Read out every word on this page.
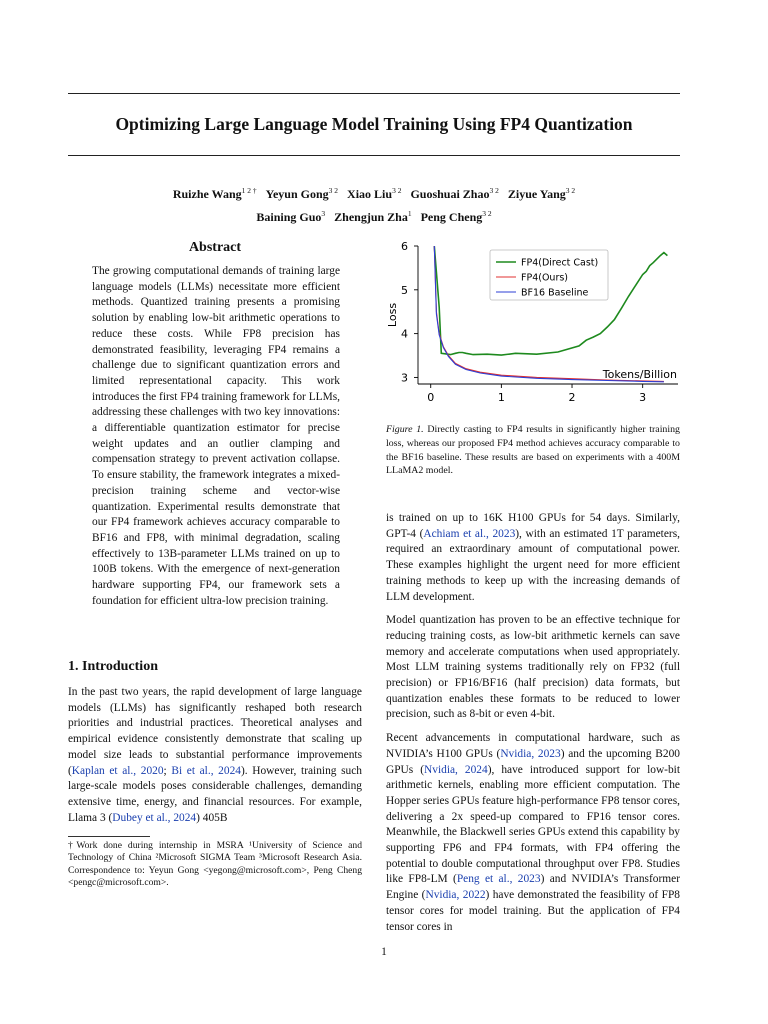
Optimizing Large Language Model Training Using FP4 Quantization
Ruizhe Wang$^{1 2 \dagger}$ Yeyun Gong$^{3 2}$ Xiao Liu$^{3 2}$ Guoshuai Zhao$^{3 2}$ Ziyue Yang$^{3 2}$
Baining Guo$^3$ Zhengjun Zha$^1$ Peng Cheng$^{3 2}$
Abstract

The growing computational demands of training large language models (LLMs) necessitate more efficient methods. Quantized training presents a promising solution by enabling low-bit arithmetic operations to reduce these costs. While FP8 precision has demonstrated feasibility, leveraging FP4 remains a challenge due to significant quantization errors and limited representational capacity. This work introduces the first FP4 training framework for LLMs, addressing these challenges with two key innovations: a differentiable quantization estimator for precise weight updates and an outlier clamping and compensation strategy to prevent activation collapse. To ensure stability, the framework integrates a mixed-precision training scheme and vector-wise quantization. Experimental results demonstrate that our FP4 framework achieves accuracy comparable to BF16 and FP8, with minimal degradation, scaling effectively to 13B-parameter LLMs trained on up to 100B tokens. With the emergence of next-generation hardware supporting FP4, our framework sets a foundation for efficient ultra-low precision training.

1. Introduction

In the past two years, the rapid development of large language models (LLMs) has significantly reshaped both research priorities and industrial practices. Theoretical analyses and empirical evidence consistently demonstrate that scaling up model size leads to substantial performance improvements (Kaplan et al., 2020; Bi et al., 2024). However, training such large-scale models poses considerable challenges, demanding extensive time, energy, and financial resources. For example, Llama 3 (Dubey et al., 2024) 405B

†Work done during internship in MSRA ¹University of Science and Technology of China ²Microsoft SIGMA Team ³Microsoft Research Asia. Correspondence to: Yeyun Gong <yegong@microsoft.com>, Peng Cheng <pengc@microsoft.com>.

3
4
5
6
0	1	2	3
Loss
Tokens/Billion
FP4(Direct Cast)
FP4(Ours)
BF16 Baseline
Figure 1. Directly casting to FP4 results in significantly higher training loss, whereas our proposed FP4 method achieves accuracy comparable to the BF16 baseline. These results are based on experiments with a 400M LLaMA2 model.

is trained on up to 16K H100 GPUs for 54 days. Similarly, GPT-4 (Achiam et al., 2023), with an estimated 1T parameters, required an extraordinary amount of computational power. These examples highlight the urgent need for more efficient training methods to keep up with the increasing demands of LLM development.

Model quantization has proven to be an effective technique for reducing training costs, as low-bit arithmetic kernels can save memory and accelerate computations when used appropriately. Most LLM training systems traditionally rely on FP32 (full precision) or FP16/BF16 (half precision) data formats, but quantization enables these formats to be reduced to lower precision, such as 8-bit or even 4-bit.

Recent advancements in computational hardware, such as NVIDIA’s H100 GPUs (Nvidia, 2023) and the upcoming B200 GPUs (Nvidia, 2024), have introduced support for low-bit arithmetic kernels, enabling more efficient computation. The Hopper series GPUs feature high-performance FP8 tensor cores, delivering a 2x speed-up compared to FP16 tensor cores. Meanwhile, the Blackwell series GPUs extend this capability by supporting FP6 and FP4 formats, with FP4 offering the potential to double computational throughput over FP8. Studies like FP8-LM (Peng et al., 2023) and NVIDIA’s Transformer Engine (Nvidia, 2022) have demonstrated the feasibility of FP8 tensor cores for model training. But the application of FP4 tensor cores in

1
